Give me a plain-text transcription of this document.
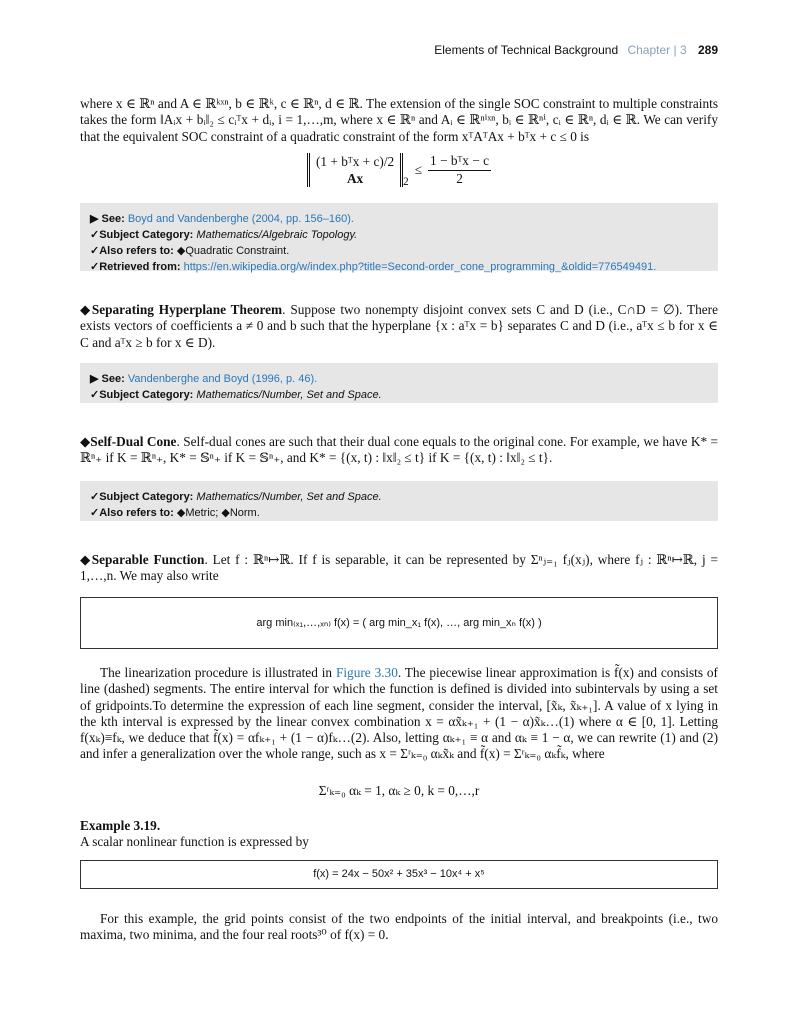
Elements of Technical Background Chapter | 3 289

where x ∈ ℝⁿ and A ∈ ℝᵏˣⁿ, b ∈ ℝᵏ, c ∈ ℝⁿ, d ∈ ℝ. The extension of the single SOC constraint to multiple constraints takes the form ‖Aᵢx + bᵢ‖₂ ≤ cᵢᵀx + dᵢ, i = 1,…,m, where x ∈ ℝⁿ and Aᵢ ∈ ℝⁿⁱˣⁿ, bᵢ ∈ ℝⁿⁱ, cᵢ ∈ ℝⁿ, dᵢ ∈ ℝ. We can verify that the equivalent SOC constraint of a quadratic constraint of the form xᵀAᵀAx + bᵀx + c ≤ 0 is

(1 + bᵀx + c)/2
Ax	$_2$
≤
1 − bᵀx − c
2
▶ See: Boyd and Vandenberghe (2004, pp. 156–160).
✓Subject Category: Mathematics/Algebraic Topology.
✓Also refers to: ◆Quadratic Constraint.
✓Retrieved from: https://en.wikipedia.org/w/index.php?title=Second-order_cone_programming_&oldid=776549491.

◆Separating Hyperplane Theorem. Suppose two nonempty disjoint convex sets C and D (i.e., C∩D = ∅). There exists vectors of coefficients a ≠ 0 and b such that the hyperplane {x : aᵀx = b} separates C and D (i.e., aᵀx ≤ b for x ∈ C and aᵀx ≥ b for x ∈ D).

▶ See: Vandenberghe and Boyd (1996, p. 46).
✓Subject Category: Mathematics/Number, Set and Space.

◆Self-Dual Cone. Self-dual cones are such that their dual cone equals to the original cone. For example, we have K* = ℝⁿ₊ if K = ℝⁿ₊, K* = 𝕊ⁿ₊ if K = 𝕊ⁿ₊, and K* = {(x, t) : ‖x‖₂ ≤ t} if K = {(x, t) : ‖x‖₂ ≤ t}.

✓Subject Category: Mathematics/Number, Set and Space.
✓Also refers to: ◆Metric; ◆Norm.

◆Separable Function. Let f : ℝⁿ↦ℝ. If f is separable, it can be represented by Σⁿⱼ₌₁ fⱼ(xⱼ), where fⱼ : ℝⁿ↦ℝ, j = 1,…,n. We may also write

arg min₍ₓ₁,…,ₓₙ₎ f(x) = ( arg min_x₁ f(x), …, arg min_xₙ f(x) )

The linearization procedure is illustrated in Figure 3.30. The piecewise linear approximation is f̃(x) and consists of line (dashed) segments. The entire interval for which the function is defined is divided into subintervals by using a set of gridpoints.To determine the expression of each line segment, consider the interval, [x̃ₖ, x̃ₖ₊₁]. A value of x lying in the kth interval is expressed by the linear convex combination x = αx̃ₖ₊₁ + (1 − α)x̃ₖ…(1) where α ∈ [0, 1]. Letting f(xₖ)≡fₖ, we deduce that f̃(x) = αfₖ₊₁ + (1 − α)fₖ…(2). Also, letting αₖ₊₁ ≡ α and αₖ ≡ 1 − α, we can rewrite (1) and (2) and infer a generalization over the whole range, such as x = Σʳₖ₌₀ αₖx̃ₖ and f̃(x) = Σʳₖ₌₀ αₖf̃ₖ, where

Σʳₖ₌₀ αₖ = 1, αₖ ≥ 0, k = 0,…,r
Example 3.19.
A scalar nonlinear function is expressed by
f(x) = 24x − 50x² + 35x³ − 10x⁴ + x⁵

For this example, the grid points consist of the two endpoints of the initial interval, and breakpoints (i.e., two maxima, two minima, and the four real roots³⁰ of f(x) = 0.
